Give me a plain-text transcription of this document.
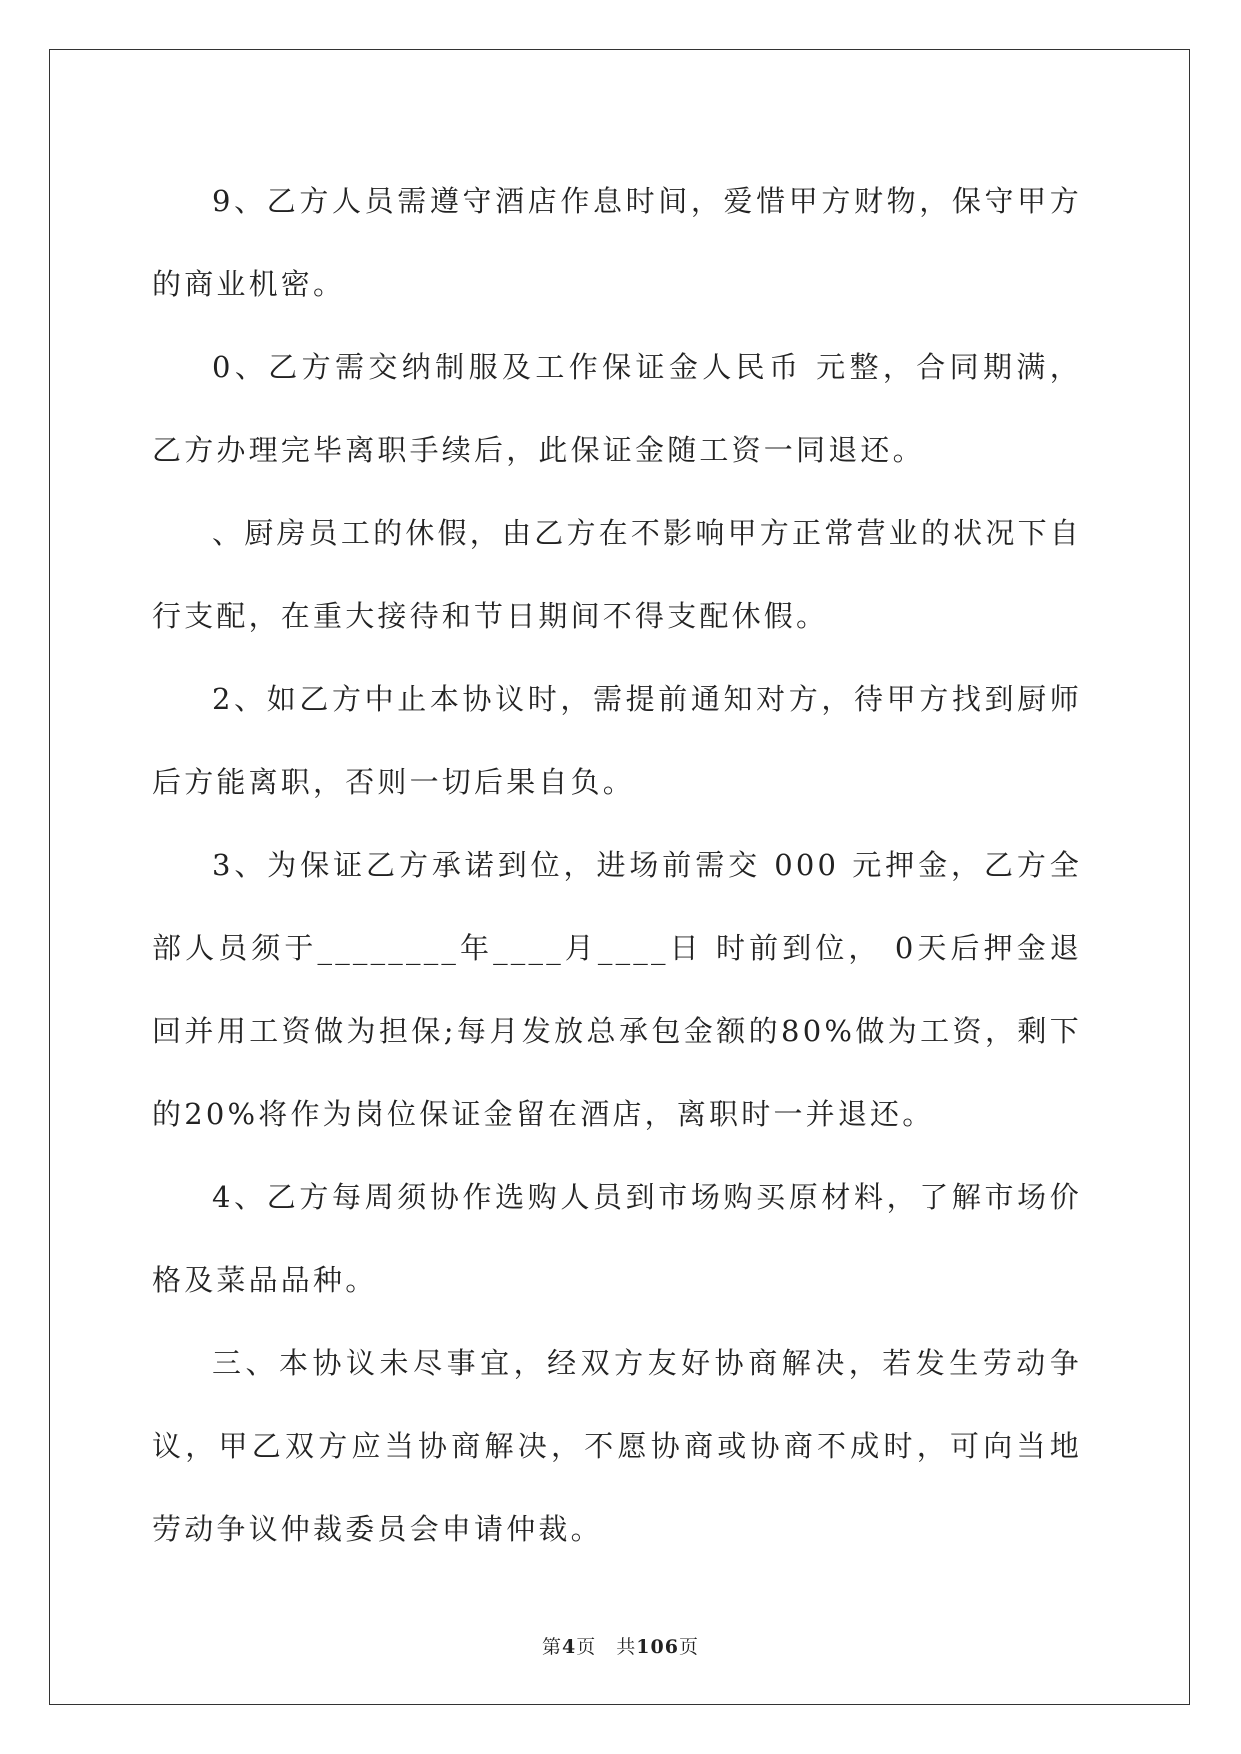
9、乙方人员需遵守酒店作息时间，爱惜甲方财物，保守甲方的商业机密。

0、乙方需交纳制服及工作保证金人民币 元整，合同期满，乙方办理完毕离职手续后，此保证金随工资一同退还。

、厨房员工的休假，由乙方在不影响甲方正常营业的状况下自行支配，在重大接待和节日期间不得支配休假。

2、如乙方中止本协议时，需提前通知对方，待甲方找到厨师后方能离职，否则一切后果自负。

3、为保证乙方承诺到位，进场前需交 000 元押金，乙方全部人员须于________年____月____日 时前到位， 0天后押金退回并用工资做为担保;每月发放总承包金额的80%做为工资，剩下的20%将作为岗位保证金留在酒店，离职时一并退还。

4、乙方每周须协作选购人员到市场购买原材料，了解市场价格及菜品品种。

三、本协议未尽事宜，经双方友好协商解决，若发生劳动争议，甲乙双方应当协商解决，不愿协商或协商不成时，可向当地劳动争议仲裁委员会申请仲裁。

第4页 共106页
